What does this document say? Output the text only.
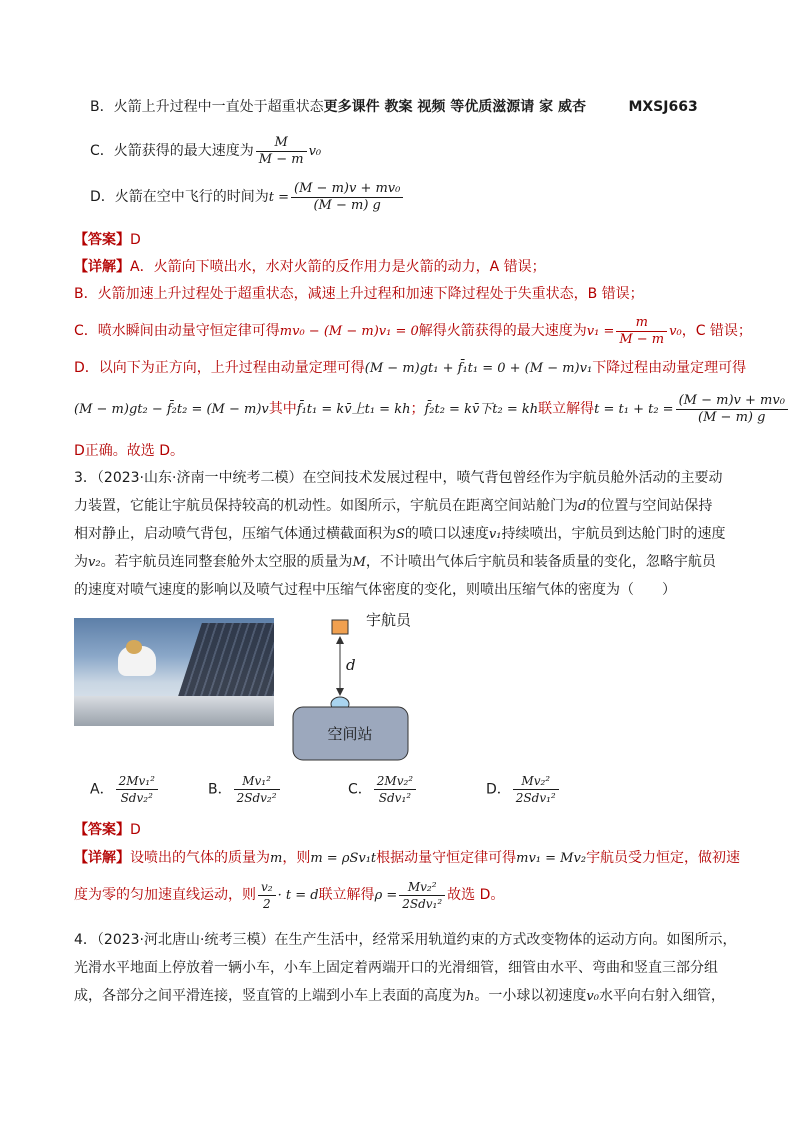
B．火箭上升过程中一直处于超重状态更多课件 教案 视频 等优质滋源请 家 威杏	MXSJ663
C．火箭获得的最大速度为 $\frac{M}{M - m} v_0$
D．火箭在空中飞行的时间为$t = \frac{\text{(M − m)v + mv₀}}{(M - m) g}$
【答案】D
【详解】A．火箭向下喷出水，水对火箭的反作用力是火箭的动力，A 错误；
B．火箭加速上升过程处于超重状态，减速上升过程和加速下降过程处于失重状态，B 错误；
C．喷水瞬间由动量守恒定律可得mv₀ − (M − m)v₁ = 0解得火箭获得的最大速度为$v_1 = \frac{m}{M - m} v_0$，C 错误；
D．以向下为正方向，上升过程由动量定理可得(M − m)gt₁ + f̄₁t₁ = 0 + (M − m)v₁下降过程由动量定理可得
(M − m)gt₂ − f̄₂t₂ = (M − m)v其中f̄₁t₁ = kv̄上t₁ = kh；f̄₂t₂ = kv̄下t₂ = kh联立解得$t = t_1 + t_2 = \frac{\text{(M − m)v + mv₀}}{(M - m) g}$
D正确。故选 D。
3．（2023·山东·济南一中统考二模）在空间技术发展过程中，喷气背包曾经作为宇航员舱外活动的主要动
力装置，它能让宇航员保持较高的机动性。如图所示，宇航员在距离空间站舱门为d的位置与空间站保持
相对静止，启动喷气背包，压缩气体通过横截面积为S的喷口以速度v₁持续喷出，宇航员到达舱门时的速度
为v₂。若宇航员连同整套舱外太空服的质量为M，不计喷出气体后宇航员和装备质量的变化，忽略宇航员
的速度对喷气速度的影响以及喷气过程中压缩气体密度的变化，则喷出压缩气体的密度为（　　）
d
空间站
宇航员
A． $\frac{\text{2Mv₁²}}{\text{Sdv₂²}}$	B． $\frac{\text{Mv₁²}}{\text{2Sdv₂²}}$	C． $\frac{\text{2Mv₂²}}{\text{Sdv₁²}}$	D． $\frac{\text{Mv₂²}}{\text{2Sdv₁²}}$
【答案】D
【详解】设喷出的气体的质量为m，则m = ρSv₁t根据动量守恒定律可得mv₁ = Mv₂宇航员受力恒定，做初速
度为零的匀加速直线运动，则 $\frac{\text{v₂}}{2} \cdot t = d$联立解得$\rho = \frac{\text{Mv₂²}}{\text{2Sdv₁²}}$ 故选 D。
4．（2023·河北唐山·统考三模）在生产生活中，经常采用轨道约束的方式改变物体的运动方向。如图所示，
光滑水平地面上停放着一辆小车，小车上固定着两端开口的光滑细管，细管由水平、弯曲和竖直三部分组
成，各部分之间平滑连接，竖直管的上端到小车上表面的高度为h。一小球以初速度v₀水平向右射入细管，
